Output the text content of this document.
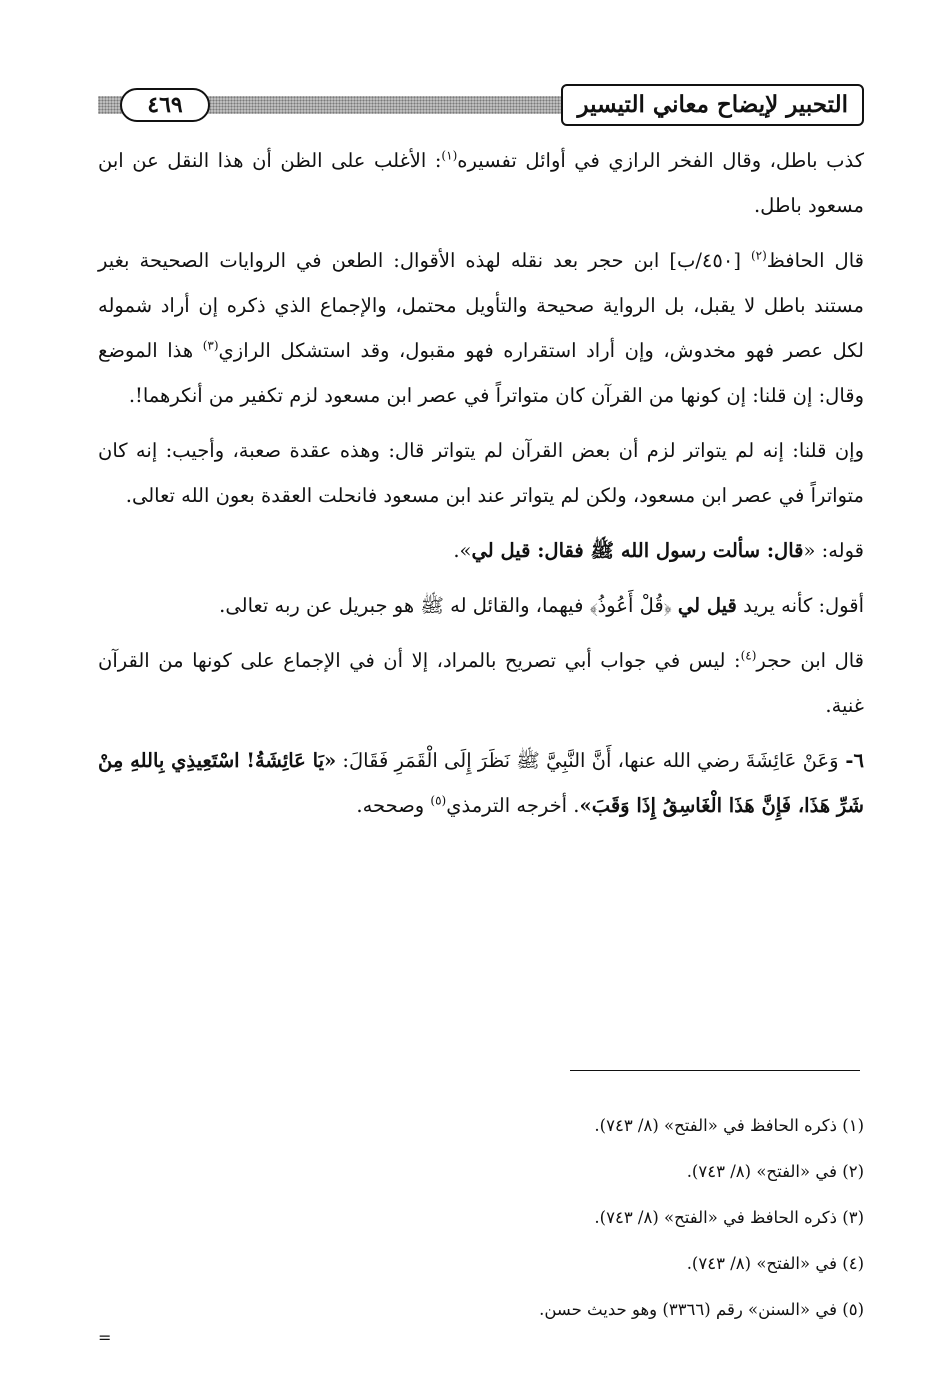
٤٦٩	التحبير لإيضاح معاني التيسير

كذب باطل، وقال الفخر الرازي في أوائل تفسيره$^{(١)}$: الأغلب على الظن أن هذا النقل عن ابن مسعود باطل.

قال الحافظ$^{(٢)}$ [٤٥٠/ب] ابن حجر بعد نقله لهذه الأقوال: الطعن في الروايات الصحيحة بغير مستند باطل لا يقبل، بل الرواية صحيحة والتأويل محتمل، والإجماع الذي ذكره إن أراد شموله لكل عصر فهو مخدوش، وإن أراد استقراره فهو مقبول، وقد استشكل الرازي$^{(٣)}$ هذا الموضع وقال: إن قلنا: إن كونها من القرآن كان متواتراً في عصر ابن مسعود لزم تكفير من أنكرهما!.

وإن قلنا: إنه لم يتواتر لزم أن بعض القرآن لم يتواتر قال: وهذه عقدة صعبة، وأجيب: إنه كان متواتراً في عصر ابن مسعود، ولكن لم يتواتر عند ابن مسعود فانحلت العقدة بعون الله تعالى.

قوله: «قال: سألت رسول الله ﷺ فقال: قيل لي».

أقول: كأنه يريد قيل لي ﴿قُلْ أَعُوذُ﴾ فيهما، والقائل له ﷺ هو جبريل عن ربه تعالى.

قال ابن حجر$^{(٤)}$: ليس في جواب أبي تصريح بالمراد، إلا أن في الإجماع على كونها من القرآن غنية.

٦- وَعَنْ عَائِشَةَ رضي الله عنها، أَنَّ النَّبِيَّ ﷺ نَظَرَ إِلَى الْقَمَرِ فَقَالَ: «يَا عَائِشَةُ! اسْتَعِيذِي بِاللهِ مِنْ شَرِّ هَذَا، فَإِنَّ هَذَا الْغَاسِقُ إِذَا وَقَبَ». أخرجه الترمذي$^{(٥)}$ وصححه.

(١) ذكره الحافظ في «الفتح» (٨/ ٧٤٣).
(٢) في «الفتح» (٨/ ٧٤٣).
(٣) ذكره الحافظ في «الفتح» (٨/ ٧٤٣).
(٤) في «الفتح» (٨/ ٧٤٣).
(٥) في «السنن» رقم (٣٣٦٦) وهو حديث حسن.
=
